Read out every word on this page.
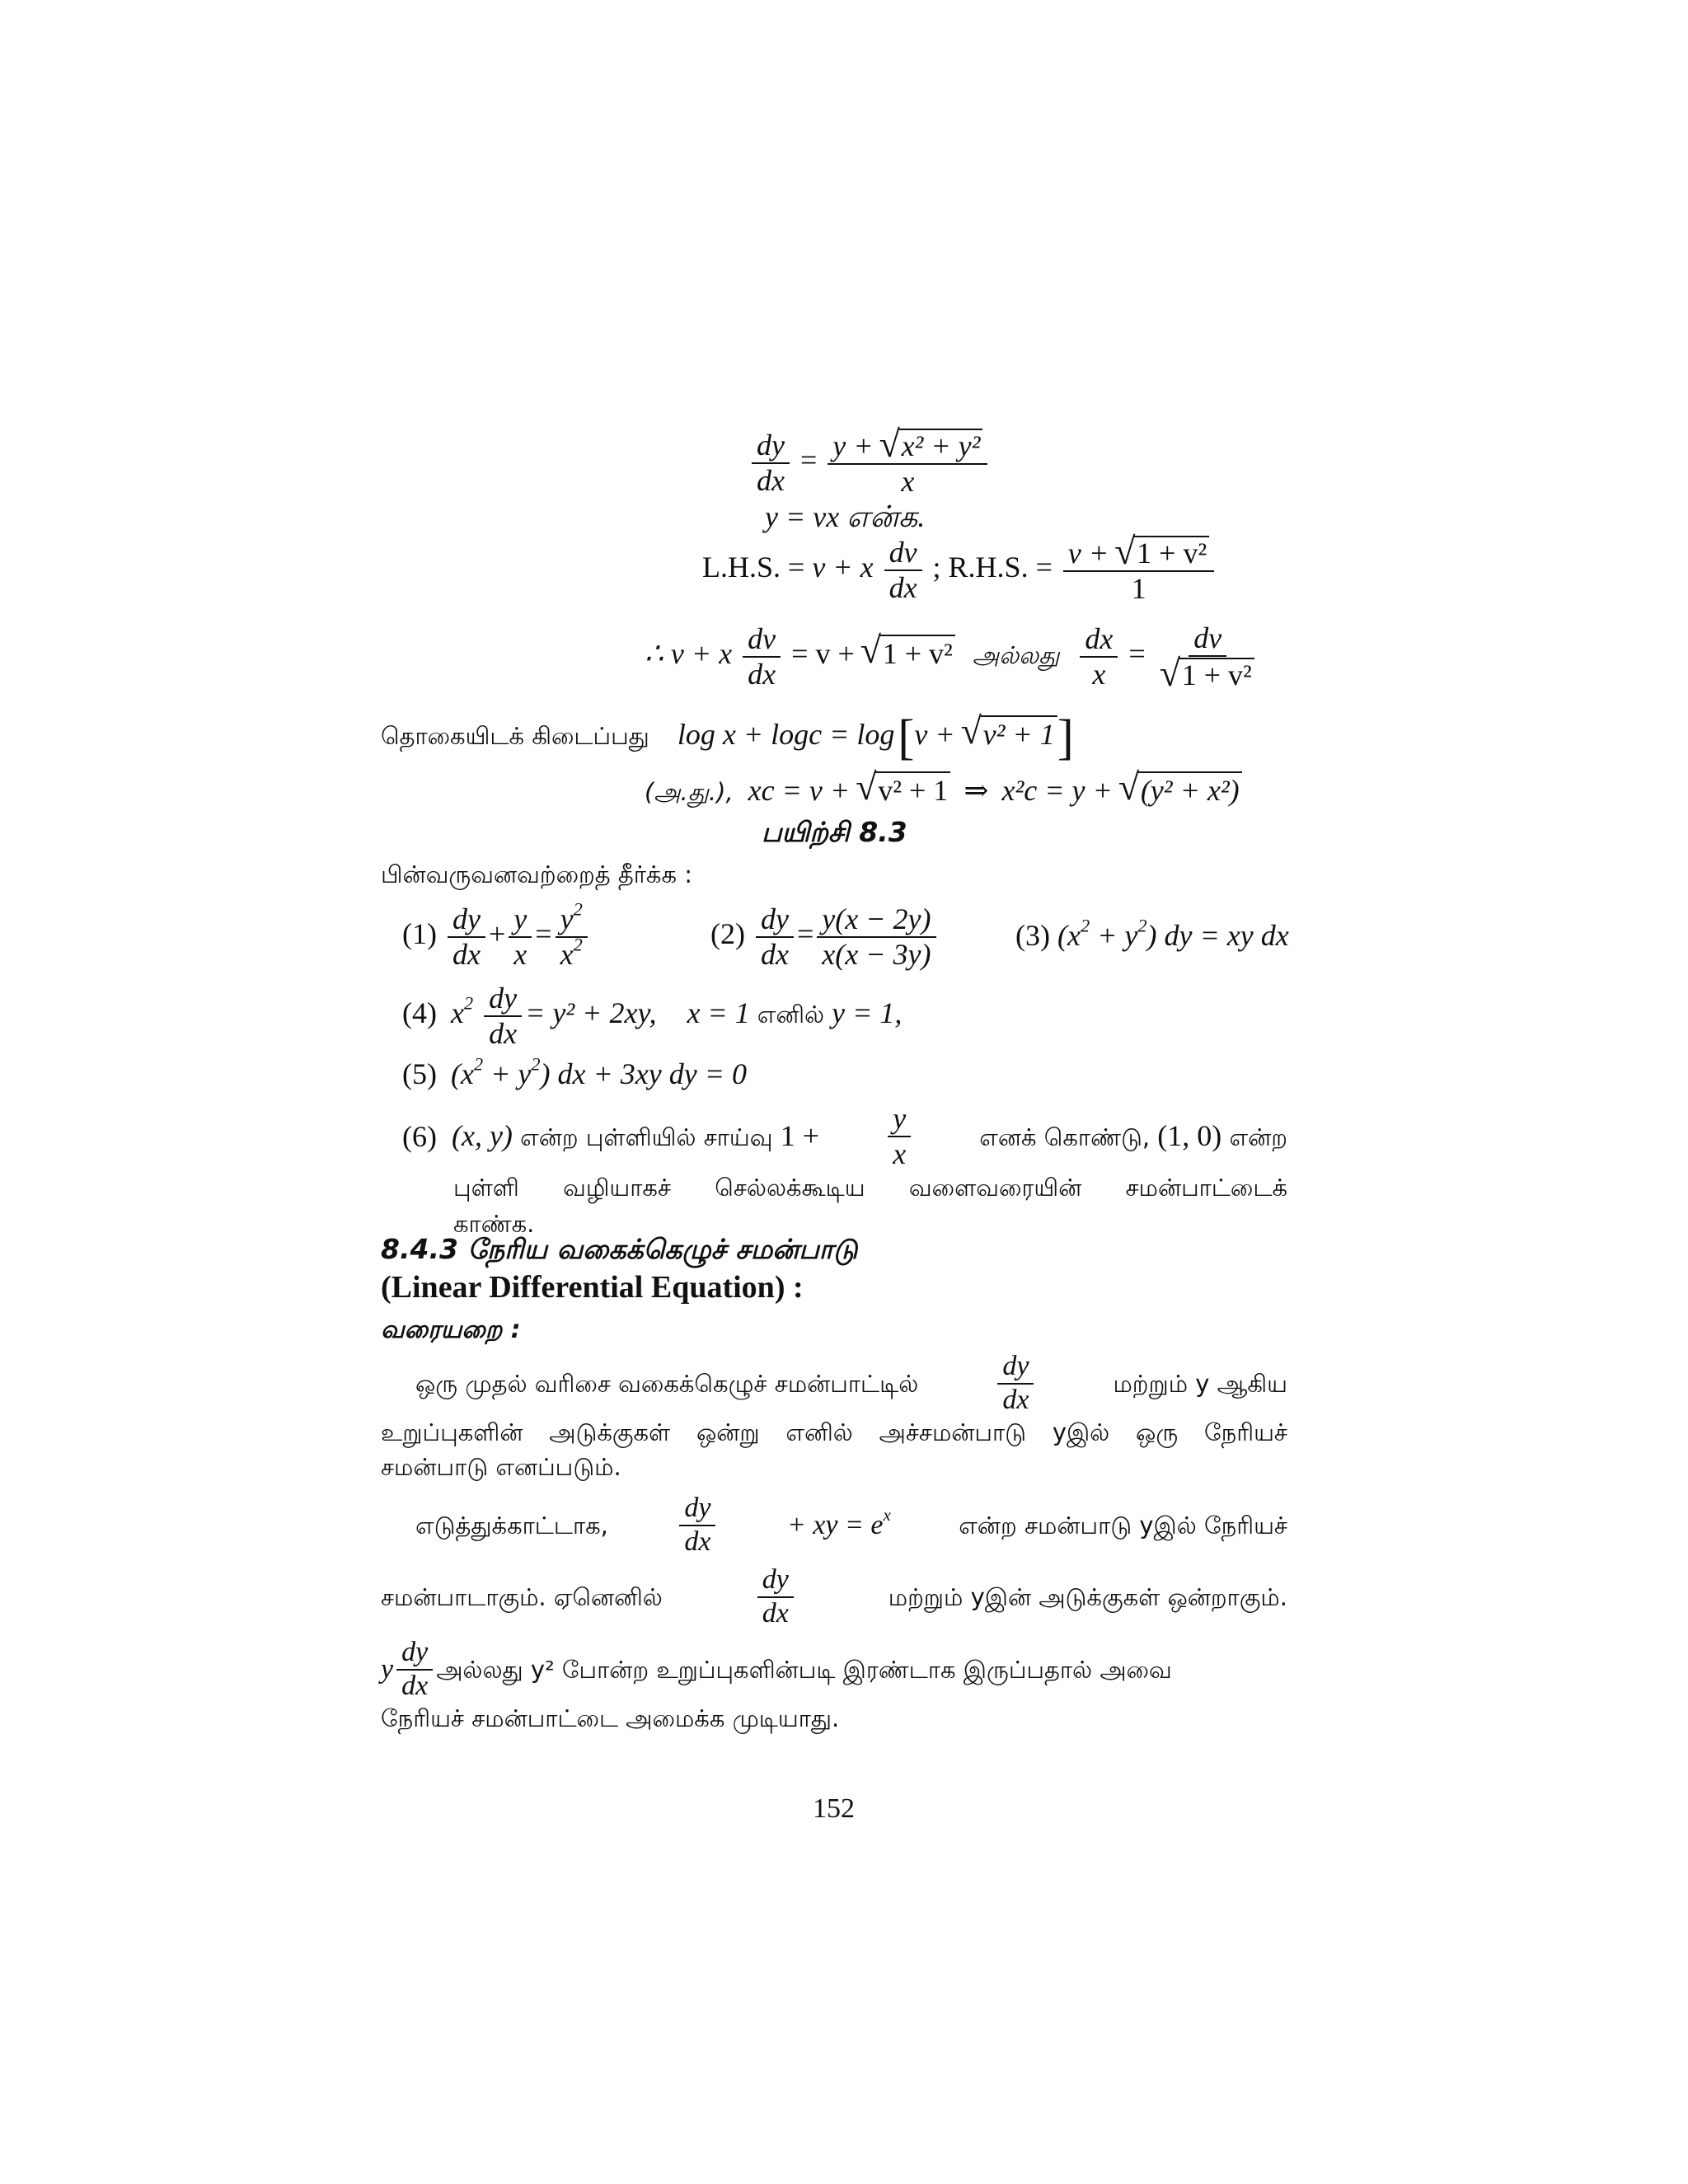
$\frac{dy}{dx} = \frac{\text{y + √ x² + y²}}{x}$
y = vx என்க.
L.H.S. = v + x $\frac{dv}{dx}$ ; R.H.S. = $\frac{\text{v + √ 1 + v²}}{1}$
∴ v + x $\frac{dv}{dx} = v$ + √ 1 + v² அல்லது $\frac{dx}{x}$ = dv
√ 1 + v²
தொகையிடக் கிடைப்பது log x + logc = log [v + √ v² + 1]
(அ.து.), xc = v + √ v² + 1 ⇒ x²c = y + √ (y² + x²)
பயிற்சி 8.3
பின்வருவனவற்றைத் தீர்க்க :
$(1) \frac{dy}{dx} + \frac{y}{x} = \frac{y^2}{x^2}$	$(2) \frac{dy}{dx} = \frac{y(x - 2y)}{x(x - 3y)}$	(3) $(x^2 + y^2)$ dy = xy dx
(4) $x^2 \frac{dy}{dx} = y^2 + 2xy$, x = 1 எனில் y = 1,
(5) $(x^2 + y^2)$ dx + 3xy dy = 0
(6) (x, y) என்ற புள்ளியில் சாய்வு $1 + \frac{y}{x}$	எனக் கொண்டு, (1, 0) என்ற
புள்ளி வழியாகச் செல்லக்கூடிய வளைவரையின் சமன்பாட்டைக்
காண்க.
8.4.3 நேரிய வகைக்கெழுச் சமன்பாடு
(Linear Differential Equation) :
வரையறை :
ஒரு முதல் வரிசை வகைக்கெழுச் சமன்பாட்டில்	$\frac{dy}{dx}$	மற்றும் y ஆகிய
உறுப்புகளின் அடுக்குகள் ஒன்று எனில் அச்சமன்பாடு yஇல் ஒரு நேரியச்
சமன்பாடு எனப்படும்.
எடுத்துக்காட்டாக,	$\frac{dy}{dx}$	+ xy = $e^x$	என்ற சமன்பாடு yஇல் நேரியச்
சமன்பாடாகும். ஏனெனில்	$\frac{dy}{dx}$	மற்றும் yஇன் அடுக்குகள் ஒன்றாகும்.
y $\frac{dy}{dx}$ அல்லது y² போன்ற உறுப்புகளின்படி இரண்டாக இருப்பதால் அவை
நேரியச் சமன்பாட்டை அமைக்க முடியாது.
152
